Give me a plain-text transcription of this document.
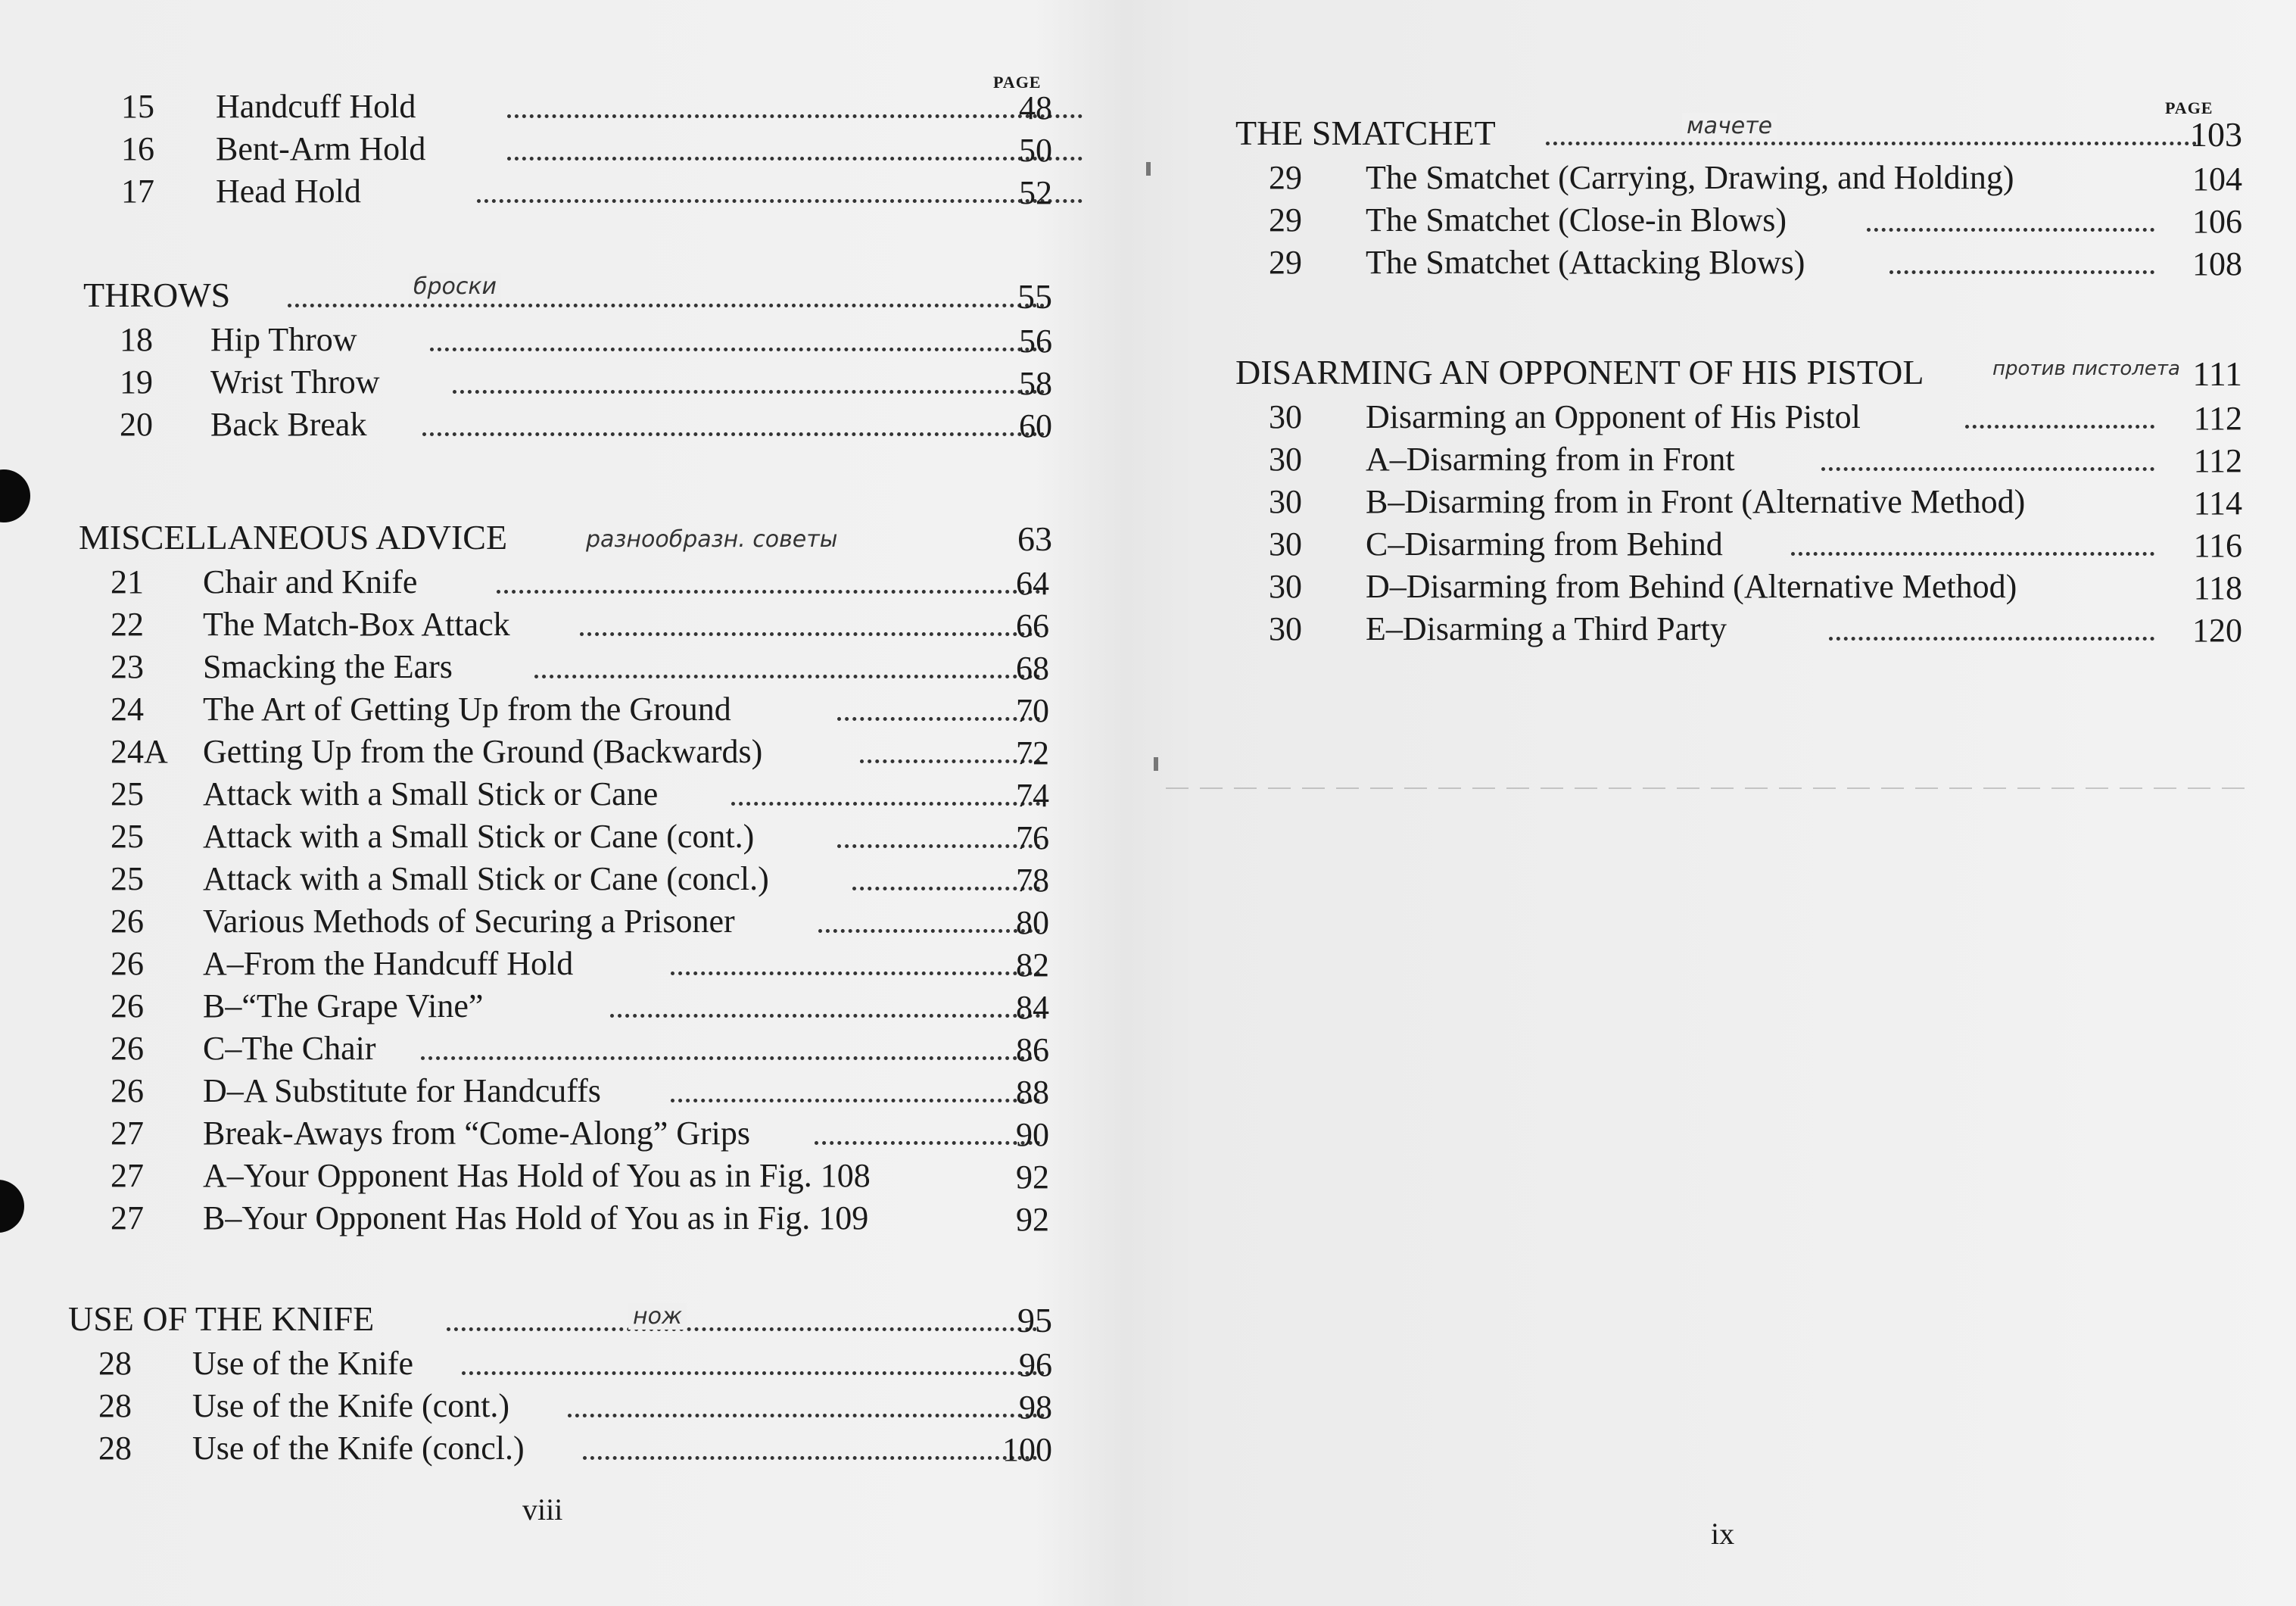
PAGE
15	Handcuff Hold	48
16	Bent-Arm Hold	50
17	Head Hold	52
THROWS	броски	55
18	Hip Throw	56
19	Wrist Throw	58
20	Back Break	60
MISCELLANEOUS ADVICE	разнообразн. советы	63
21	Chair and Knife	64
22	The Match-Box Attack	66
23	Smacking the Ears	68
24	The Art of Getting Up from the Ground	70
24A	Getting Up from the Ground (Backwards)	72
25	Attack with a Small Stick or Cane	74
25	Attack with a Small Stick or Cane (cont.)	76
25	Attack with a Small Stick or Cane (concl.)	78
26	Various Methods of Securing a Prisoner	80
26	A–From the Handcuff Hold	82
26	B–“The Grape Vine”	84
26	C–The Chair	86
26	D–A Substitute for Handcuffs	88
27	Break-Aways from “Come-Along” Grips	90
27	A–Your Opponent Has Hold of You as in Fig. 108	92
27	B–Your Opponent Has Hold of You as in Fig. 109	92
USE OF THE KNIFE	нож	95
28	Use of the Knife	96
28	Use of the Knife (cont.)	98
28	Use of the Knife (concl.)	100
viii
PAGE
THE SMATCHET	мачете	103
29	The Smatchet (Carrying, Drawing, and Holding)	104
29	The Smatchet (Close-in Blows)	106
29	The Smatchet (Attacking Blows)	108
DISARMING AN OPPONENT OF HIS PISTOL	против пистолета 111
30	Disarming an Opponent of His Pistol	112
30	A–Disarming from in Front	112
30	B–Disarming from in Front (Alternative Method)	114
30	C–Disarming from Behind	116
30	D–Disarming from Behind (Alternative Method)	118
30	E–Disarming a Third Party	120
ix
